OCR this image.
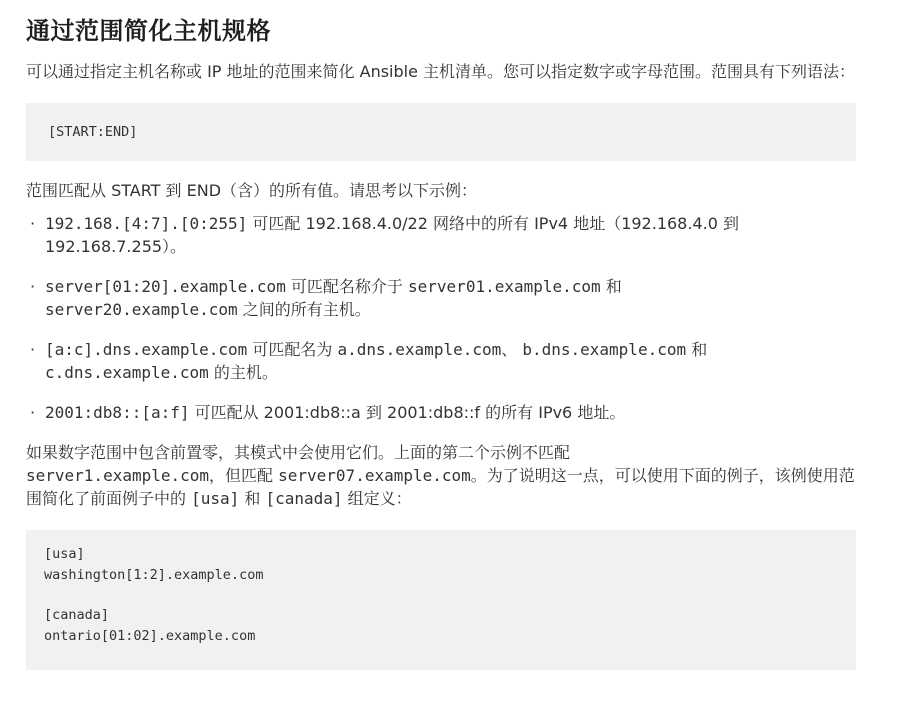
通过范围简化主机规格

可以通过指定主机名称或 IP 地址的范围来简化 Ansible 主机清单。您可以指定数字或字母范围。范围具有下列语法：

[START:END]

范围匹配从 START 到 END（含）的所有值。请思考以下示例：

· 192.168.[4:7].[0:255] 可匹配 192.168.4.0/22 网络中的所有 IPv4 地址（192.168.4.0 到 192.168.7.255）。
· server[01:20].example.com 可匹配名称介于 server01.example.com 和
server20.example.com 之间的所有主机。
· [a:c].dns.example.com 可匹配名为 a.dns.example.com、 b.dns.example.com 和
c.dns.example.com 的主机。
· 2001:db8::[a:f] 可匹配从 2001:db8::a 到 2001:db8::f 的所有 IPv6 地址。

如果数字范围中包含前置零，其模式中会使用它们。上面的第二个示例不匹配
server1.example.com，但匹配 server07.example.com。为了说明这一点，可以使用下面的例子，该例使用范围简化了前面例子中的 [usa] 和 [canada] 组定义：

[usa]
washington[1:2].example.com
[canada]
ontario[01:02].example.com
